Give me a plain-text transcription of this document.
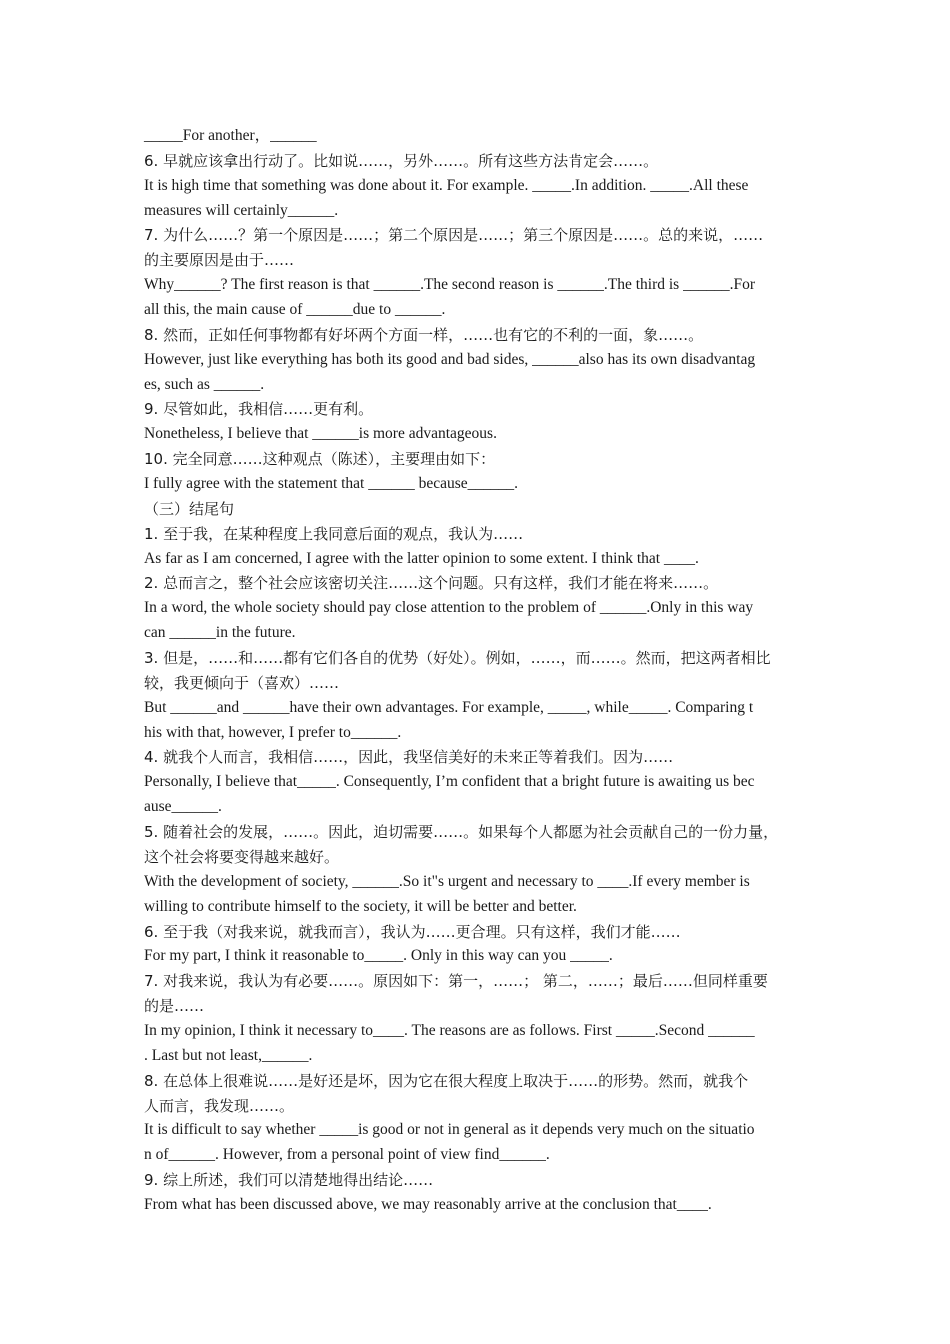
_____For another，______
6. 早就应该拿出行动了。比如说……，另外……。所有这些方法肯定会……。
It is high time that something was done about it. For example. _____.In addition. _____.All these
measures will certainly______.
7. 为什么……？第一个原因是……；第二个原因是……；第三个原因是……。总的来说，……
的主要原因是由于……
Why______? The first reason is that ______.The second reason is ______.The third is ______.For
all this, the main cause of ______due to ______.
8. 然而，正如任何事物都有好坏两个方面一样，……也有它的不利的一面，象……。
However, just like everything has both its good and bad sides, ______also has its own disadvantag
es, such as ______.
9. 尽管如此，我相信……更有利。
Nonetheless, I believe that ______is more advantageous.
10. 完全同意……这种观点（陈述），主要理由如下：
I fully agree with the statement that ______ because______.
（三）结尾句
1. 至于我，在某种程度上我同意后面的观点，我认为……
As far as I am concerned, I agree with the latter opinion to some extent. I think that ____.
2. 总而言之，整个社会应该密切关注……这个问题。只有这样，我们才能在将来……。
In a word, the whole society should pay close attention to the problem of ______.Only in this way
can ______in the future.
3. 但是，……和……都有它们各自的优势（好处）。例如，……，而……。然而，把这两者相比
较，我更倾向于（喜欢）……
But ______and ______have their own advantages. For example, _____, while_____. Comparing t
his with that, however, I prefer to______.
4. 就我个人而言，我相信……，因此，我坚信美好的未来正等着我们。因为……
Personally, I believe that_____. Consequently, I’m confident that a bright future is awaiting us bec
ause______.
5. 随着社会的发展，……。因此，迫切需要……。如果每个人都愿为社会贡献自己的一份力量，
这个社会将要变得越来越好。
With the development of society, ______.So it"s urgent and necessary to ____.If every member is
willing to contribute himself to the society, it will be better and better.
6. 至于我（对我来说，就我而言），我认为……更合理。只有这样，我们才能……
For my part, I think it reasonable to_____. Only in this way can you _____.
7. 对我来说，我认为有必要……。原因如下：第一，……； 第二，……；最后……但同样重要
的是……
In my opinion, I think it necessary to____. The reasons are as follows. First _____.Second ______
. Last but not least,______.
8. 在总体上很难说……是好还是坏，因为它在很大程度上取决于……的形势。然而，就我个
人而言，我发现……。
It is difficult to say whether _____is good or not in general as it depends very much on the situatio
n of______. However, from a personal point of view find______.
9. 综上所述，我们可以清楚地得出结论……
From what has been discussed above, we may reasonably arrive at the conclusion that____.
